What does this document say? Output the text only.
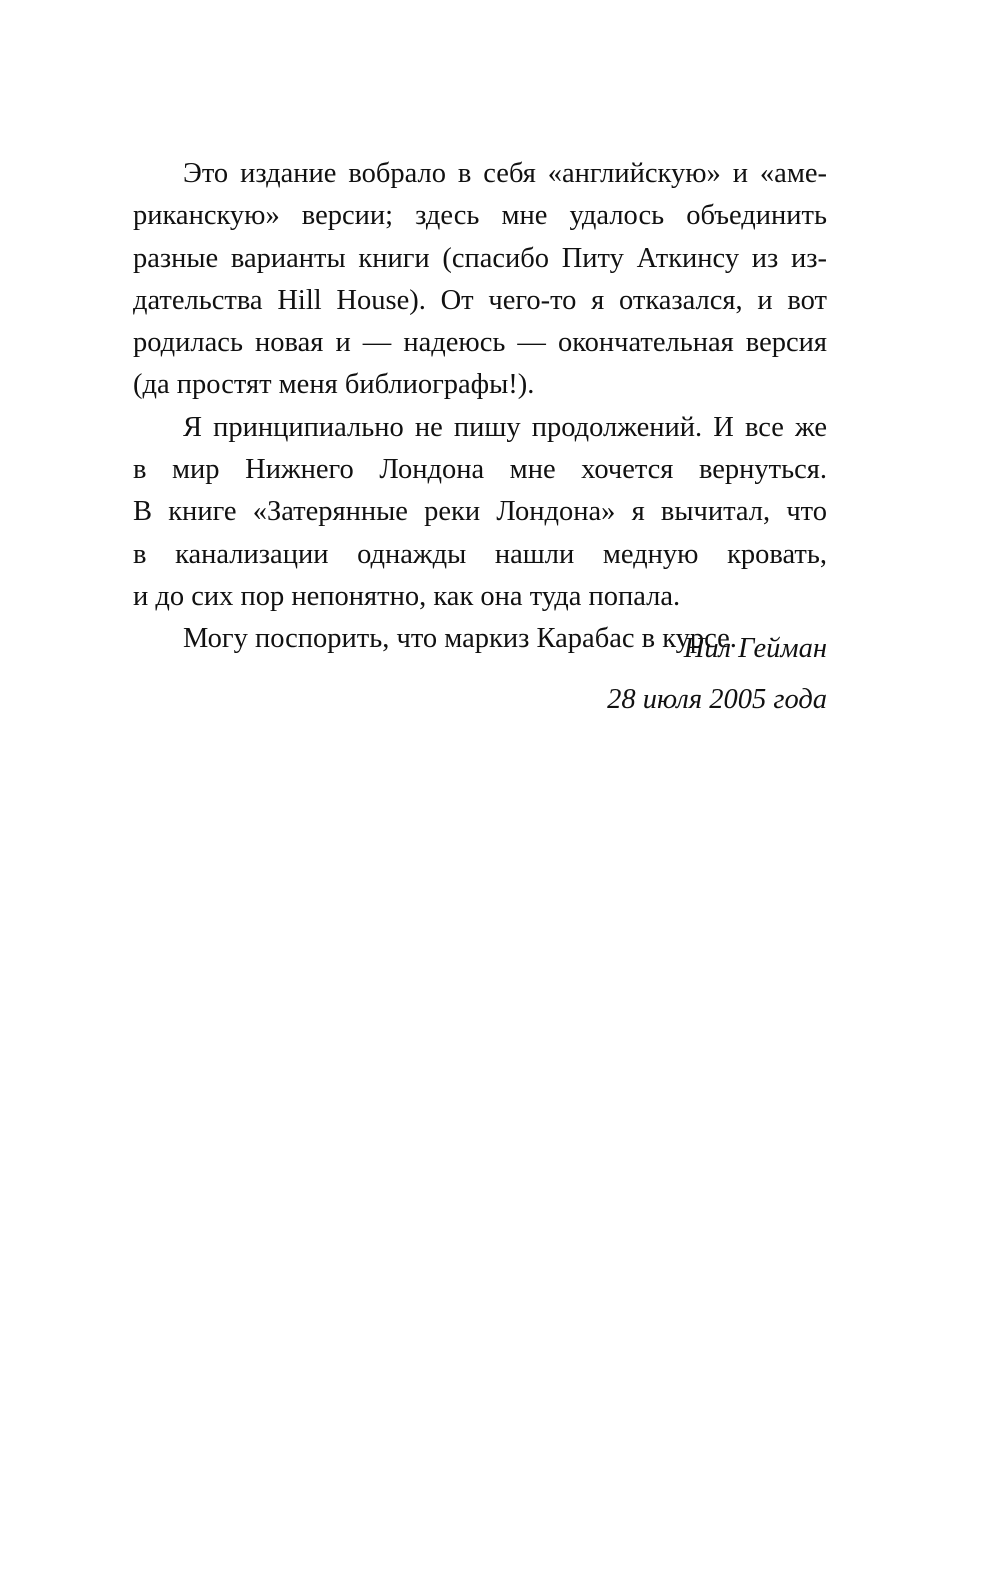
Это издание вобрало в себя «английскую» и «аме-
риканскую» версии; здесь мне удалось объединить
разные варианты книги (спасибо Питу Аткинсу из из-
дательства Hill House). От чего-то я отказался, и вот
родилась новая и — надеюсь — окончательная версия
(да простят меня библиографы!).

Я принципиально не пишу продолжений. И все же
в мир Нижнего Лондона мне хочется вернуться.
В книге «Затерянные реки Лондона» я вычитал, что
в канализации однажды нашли медную кровать,
и до сих пор непонятно, как она туда попала.

Могу поспорить, что маркиз Карабас в курсе.

Нил Гейман
28 июля 2005 года
